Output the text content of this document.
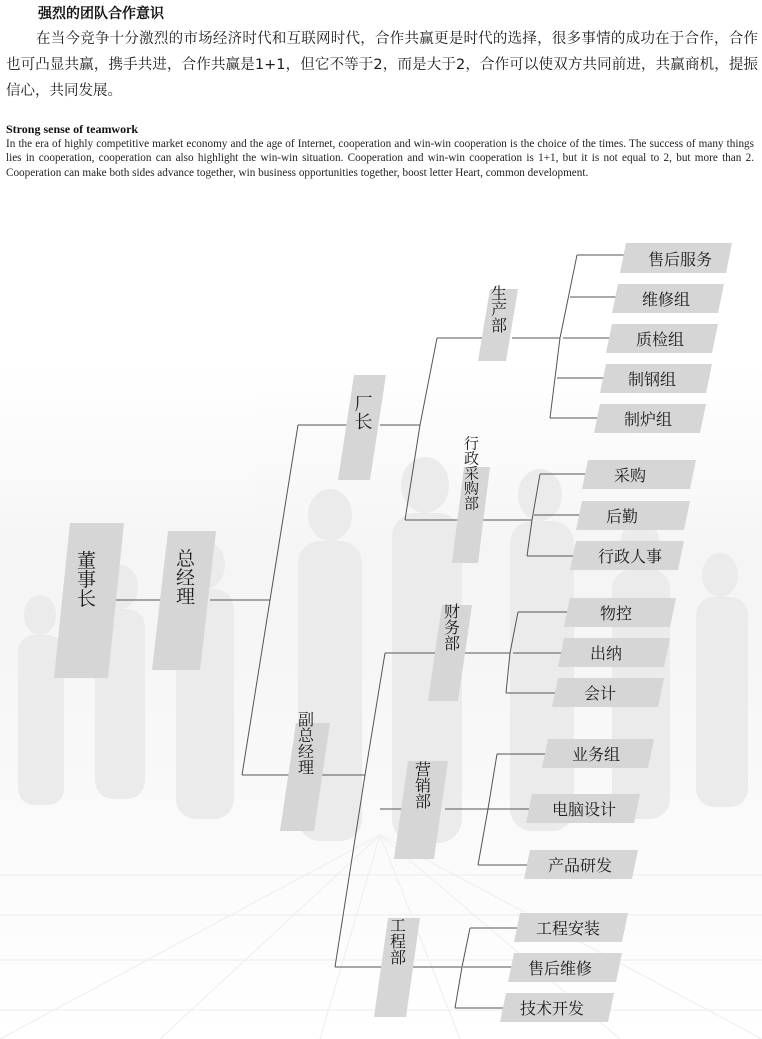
强烈的团队合作意识

在当今竞争十分激烈的市场经济时代和互联网时代，合作共赢更是时代的选择，很多事情的成功在于合作，合作也可凸显共赢，携手共进，合作共赢是1+1，但它不等于2，而是大于2，合作可以使双方共同前进，共赢商机，提振信心，共同发展。

Strong sense of teamwork

In the era of highly competitive market economy and the age of Internet, cooperation and win-win cooperation is the choice of the times. The success of many things lies in cooperation, cooperation can also highlight the win-win situation. Cooperation and win-win cooperation is 1+1, but it is not equal to 2, but more than 2. Cooperation can make both sides advance together, win business opportunities together, boost letter Heart, common development.

董事长	总经理
厂长
副总经理
生产部
行政采购部
财务部
营销部
工程部
售后服务
维修组
质检组
制钢组
制炉组
采购
后勤
行政人事
物控
出纳
会计
业务组
电脑设计
产品研发
工程安装
售后维修
技术开发
